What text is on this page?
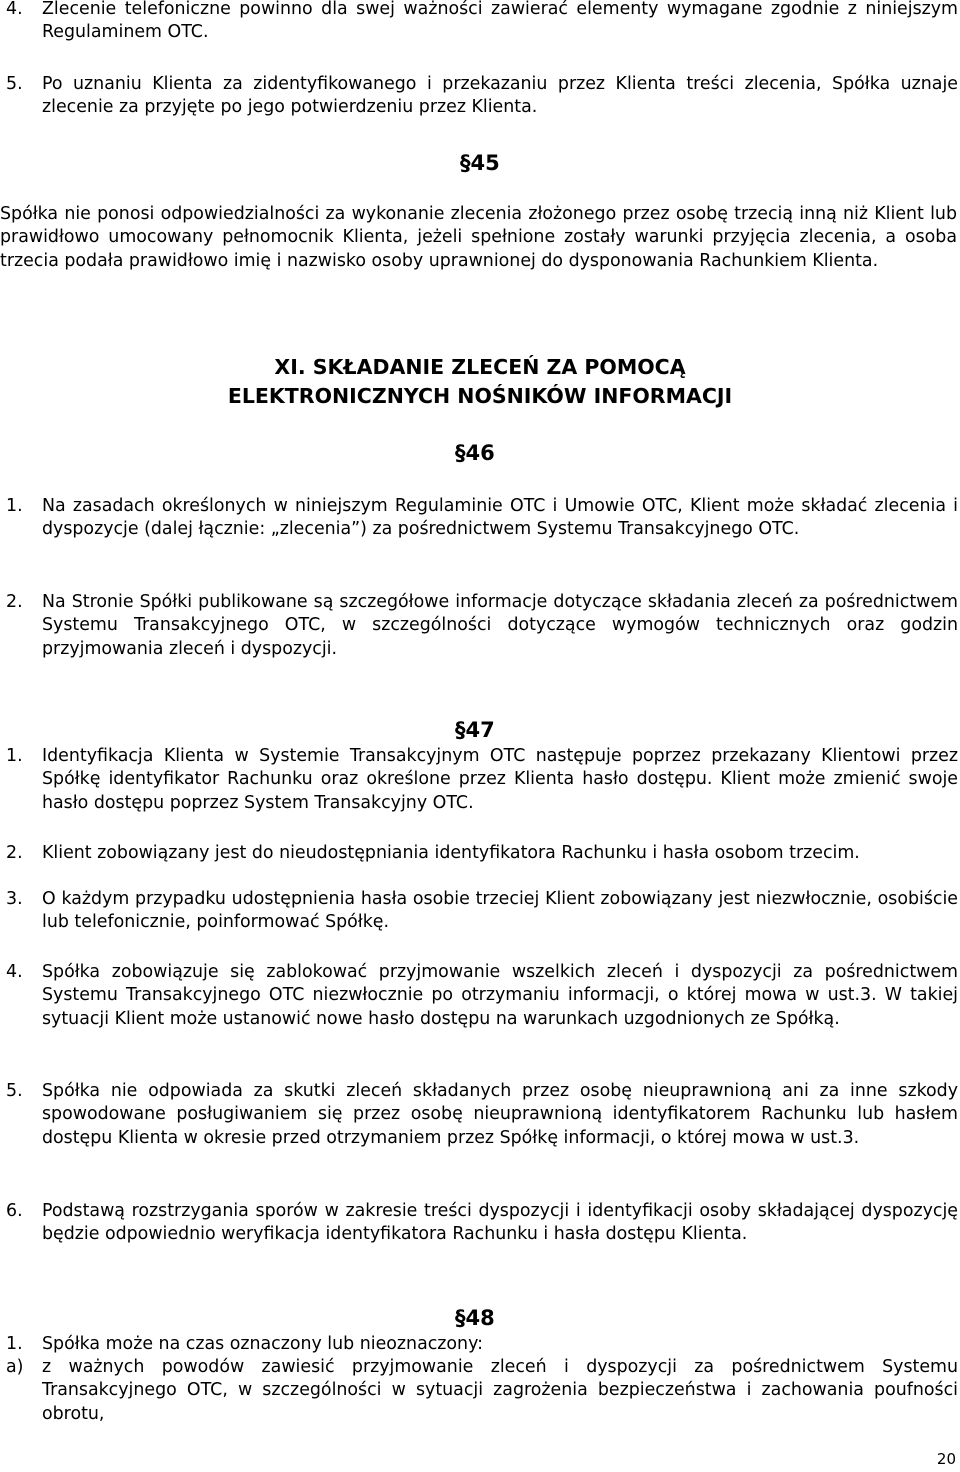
4. Zlecenie telefoniczne powinno dla swej ważności zawierać elementy wymagane zgodnie z niniejszym Regulaminem OTC.
5. Po uznaniu Klienta za zidentyfikowanego i przekazaniu przez Klienta treści zlecenia, Spółka uznaje zlecenie za przyjęte po jego potwierdzeniu przez Klienta.
§45
Spółka nie ponosi odpowiedzialności za wykonanie zlecenia złożonego przez osobę trzecią inną niż Klient lub prawidłowo umocowany pełnomocnik Klienta, jeżeli spełnione zostały warunki przyjęcia zlecenia, a osoba trzecia podała prawidłowo imię i nazwisko osoby uprawnionej do dysponowania Rachunkiem Klienta.
XI. SKŁADANIE ZLECEŃ ZA POMOCĄ
ELEKTRONICZNYCH NOŚNIKÓW INFORMACJI
§46
1. Na zasadach określonych w niniejszym Regulaminie OTC i Umowie OTC, Klient może składać zlecenia i dyspozycje (dalej łącznie: „zlecenia”) za pośrednictwem Systemu Transakcyjnego OTC.
2. Na Stronie Spółki publikowane są szczegółowe informacje dotyczące składania zleceń za pośrednictwem Systemu Transakcyjnego OTC, w szczególności dotyczące wymogów technicznych oraz godzin przyjmowania zleceń i dyspozycji.
§47
1. Identyfikacja Klienta w Systemie Transakcyjnym OTC następuje poprzez przekazany Klientowi przez Spółkę identyfikator Rachunku oraz określone przez Klienta hasło dostępu. Klient może zmienić swoje hasło dostępu poprzez System Transakcyjny OTC.
2. Klient zobowiązany jest do nieudostępniania identyfikatora Rachunku i hasła osobom trzecim.
3. O każdym przypadku udostępnienia hasła osobie trzeciej Klient zobowiązany jest niezwłocznie, osobiście lub telefonicznie, poinformować Spółkę.
4. Spółka zobowiązuje się zablokować przyjmowanie wszelkich zleceń i dyspozycji za pośrednictwem Systemu Transakcyjnego OTC niezwłocznie po otrzymaniu informacji, o której mowa w ust.3. W takiej sytuacji Klient może ustanowić nowe hasło dostępu na warunkach uzgodnionych ze Spółką.
5. Spółka nie odpowiada za skutki zleceń składanych przez osobę nieuprawnioną ani za inne szkody spowodowane posługiwaniem się przez osobę nieuprawnioną identyfikatorem Rachunku lub hasłem dostępu Klienta w okresie przed otrzymaniem przez Spółkę informacji, o której mowa w ust.3.
6. Podstawą rozstrzygania sporów w zakresie treści dyspozycji i identyfikacji osoby składającej dyspozycję będzie odpowiednio weryfikacja identyfikatora Rachunku i hasła dostępu Klienta.
§48
1. Spółka może na czas oznaczony lub nieoznaczony:
a) z ważnych powodów zawiesić przyjmowanie zleceń i dyspozycji za pośrednictwem Systemu Transakcyjnego OTC, w szczególności w sytuacji zagrożenia bezpieczeństwa i zachowania poufności obrotu,
20
